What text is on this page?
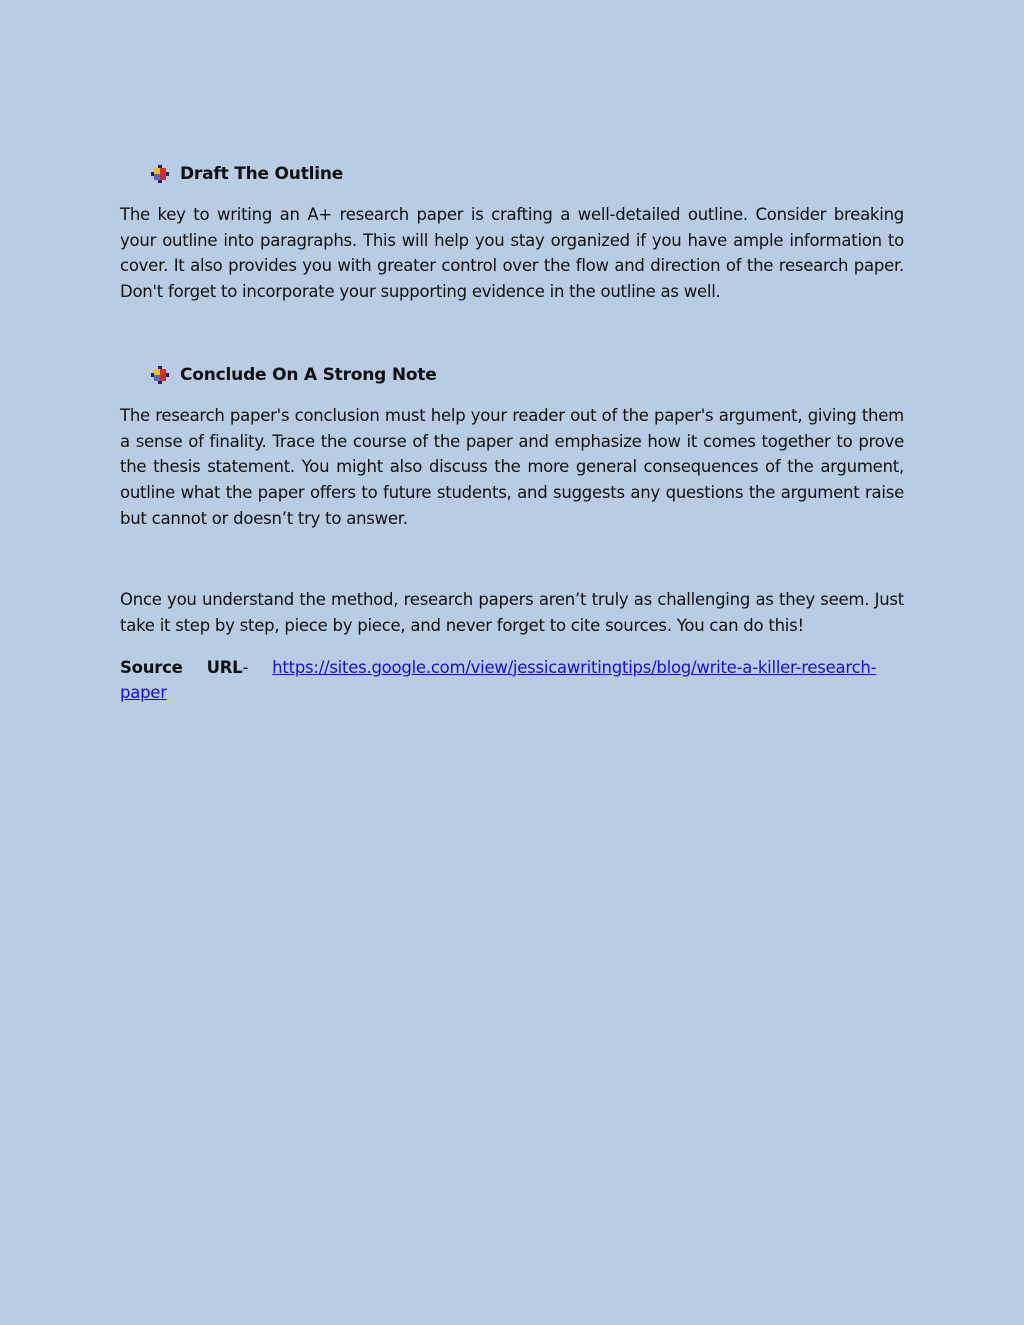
Draft The Outline

The key to writing an A+ research paper is crafting a well-detailed outline. Consider breaking your outline into paragraphs. This will help you stay organized if you have ample information to cover. It also provides you with greater control over the flow and direction of the research paper. Don't forget to incorporate your supporting evidence in the outline as well.

Conclude On A Strong Note

The research paper's conclusion must help your reader out of the paper's argument, giving them a sense of finality. Trace the course of the paper and emphasize how it comes together to prove the thesis statement. You might also discuss the more general consequences of the argument, outline what the paper offers to future students, and suggests any questions the argument raise but cannot or doesn’t try to answer.

Once you understand the method, research papers aren’t truly as challenging as they seem. Just take it step by step, piece by piece, and never forget to cite sources. You can do this!

Source URL- https://sites.google.com/view/jessicawritingtips/blog/write-a-killer-research-paper
